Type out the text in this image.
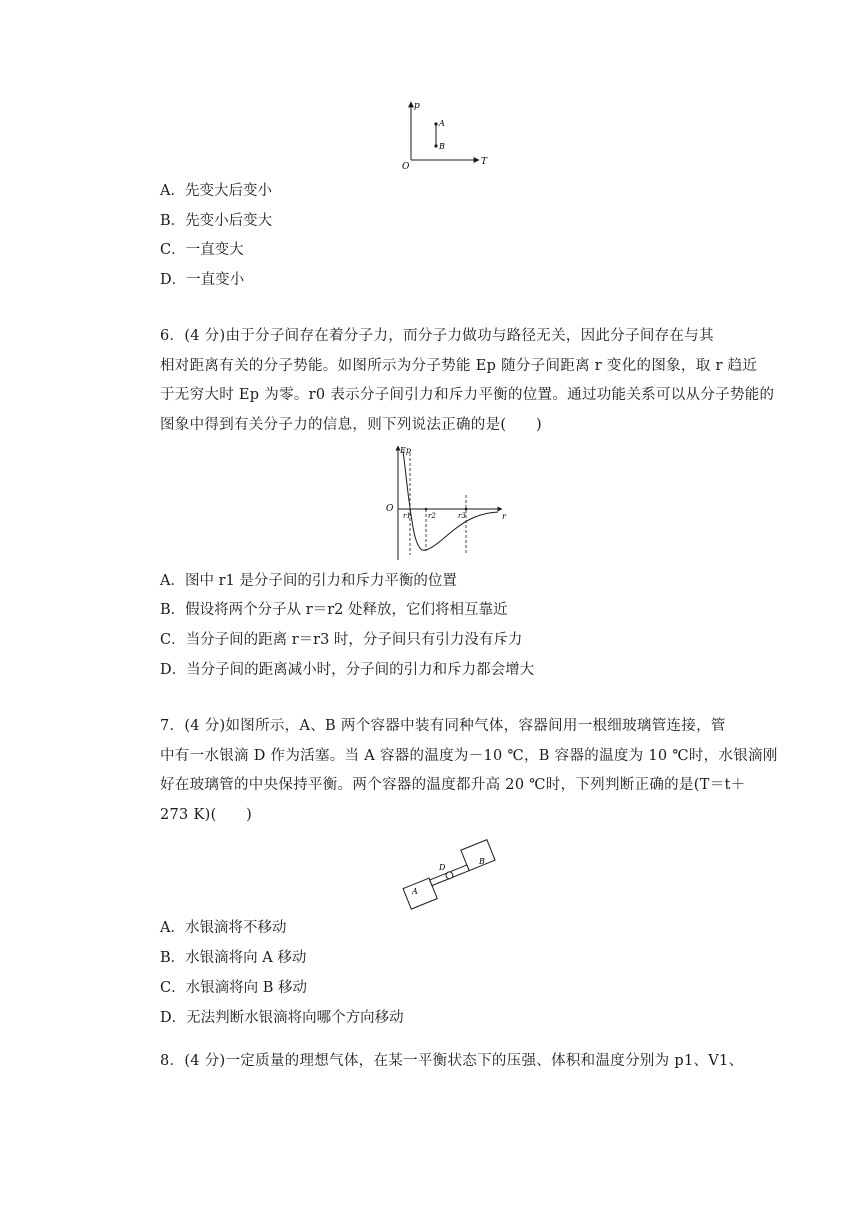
p
T
O
A
B
A．先变大后变小
B．先变小后变大
C．一直变大
D．一直变小
6．(4 分)由于分子间存在着分子力，而分子力做功与路径无关，因此分子间存在与其
相对距离有关的分子势能。如图所示为分子势能 Ep 随分子间距离 r 变化的图象，取 r 趋近
于无穷大时 Ep 为零。r0 表示分子间引力和斥力平衡的位置。通过功能关系可以从分子势能的
图象中得到有关分子力的信息，则下列说法正确的是(　　)
Ep
O
r
r1 r2	r3
A．图中 r1 是分子间的引力和斥力平衡的位置
B．假设将两个分子从 r＝r2 处释放，它们将相互靠近
C．当分子间的距离 r＝r3 时，分子间只有引力没有斥力
D．当分子间的距离减小时，分子间的引力和斥力都会增大
7．(4 分)如图所示，A、B 两个容器中装有同种气体，容器间用一根细玻璃管连接，管
中有一水银滴 D 作为活塞。当 A 容器的温度为－10 ℃，B 容器的温度为 10 ℃时，水银滴刚
好在玻璃管的中央保持平衡。两个容器的温度都升高 20 ℃时，下列判断正确的是(T＝t＋
273 K)(　　)
A
B
D
A．水银滴将不移动
B．水银滴将向 A 移动
C．水银滴将向 B 移动
D．无法判断水银滴将向哪个方向移动
8．(4 分)一定质量的理想气体，在某一平衡状态下的压强、体积和温度分别为 p1、V1、
